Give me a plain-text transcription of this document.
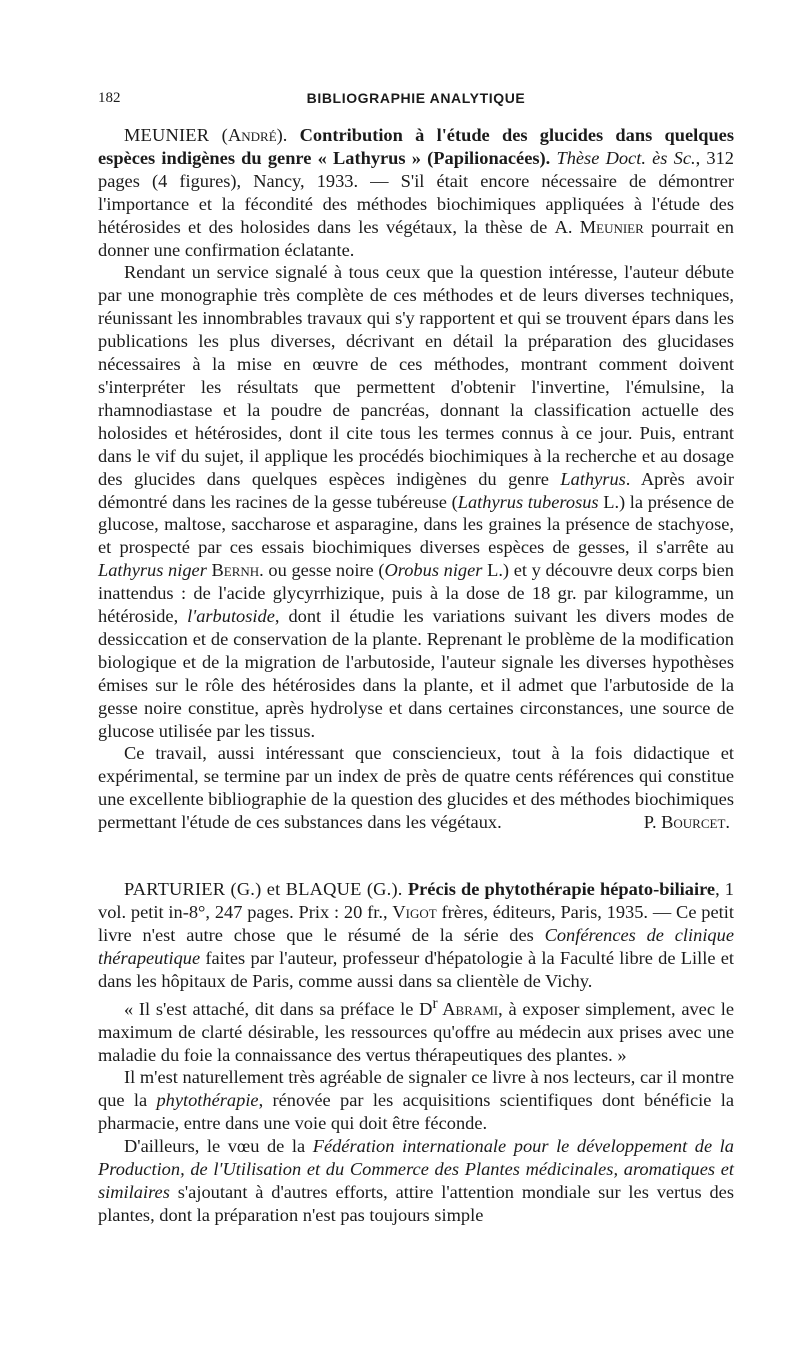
182	BIBLIOGRAPHIE ANALYTIQUE

MEUNIER (André). Contribution à l'étude des glucides dans quelques espèces indigènes du genre « Lathyrus » (Papilionacées). Thèse Doct. ès Sc., 312 pages (4 figures), Nancy, 1933. — S'il était encore nécessaire de démontrer l'importance et la fécondité des méthodes biochimiques appliquées à l'étude des hétérosides et des holosides dans les végétaux, la thèse de A. Meunier pourrait en donner une confirmation éclatante.

Rendant un service signalé à tous ceux que la question intéresse, l'auteur débute par une monographie très complète de ces méthodes et de leurs diverses techniques, réunissant les innombrables travaux qui s'y rapportent et qui se trouvent épars dans les publications les plus diverses, décrivant en détail la préparation des glucidases nécessaires à la mise en œuvre de ces méthodes, montrant comment doivent s'interpréter les résultats que permettent d'obtenir l'invertine, l'émulsine, la rhamnodiastase et la poudre de pancréas, donnant la classification actuelle des holosides et hétérosides, dont il cite tous les termes connus à ce jour. Puis, entrant dans le vif du sujet, il applique les procédés biochimiques à la recherche et au dosage des glucides dans quelques espèces indigènes du genre Lathyrus. Après avoir démontré dans les racines de la gesse tubéreuse (Lathyrus tuberosus L.) la présence de glucose, maltose, saccharose et asparagine, dans les graines la présence de stachyose, et prospecté par ces essais biochimiques diverses espèces de gesses, il s'arrête au Lathyrus niger Bernh. ou gesse noire (Orobus niger L.) et y découvre deux corps bien inattendus : de l'acide glycyrrhizique, puis à la dose de 18 gr. par kilogramme, un hétéroside, l'arbutoside, dont il étudie les variations suivant les divers modes de dessiccation et de conservation de la plante. Reprenant le problème de la modification biologique et de la migration de l'arbutoside, l'auteur signale les diverses hypothèses émises sur le rôle des hétérosides dans la plante, et il admet que l'arbutoside de la gesse noire constitue, après hydrolyse et dans certaines circonstances, une source de glucose utilisée par les tissus.

Ce travail, aussi intéressant que consciencieux, tout à la fois didactique et expérimental, se termine par un index de près de quatre cents références qui constitue une excellente bibliographie de la question des glucides et des méthodes biochimiques permettant l'étude de ces substances dans les végétaux.	P. Bourcet.

PARTURIER (G.) et BLAQUE (G.). Précis de phytothérapie hépato-biliaire, 1 vol. petit in-8°, 247 pages. Prix : 20 fr., Vigot frères, éditeurs, Paris, 1935. — Ce petit livre n'est autre chose que le résumé de la série des Conférences de clinique thérapeutique faites par l'auteur, professeur d'hépatologie à la Faculté libre de Lille et dans les hôpitaux de Paris, comme aussi dans sa clientèle de Vichy.

« Il s'est attaché, dit dans sa préface le $D^r$ Abrami, à exposer simplement, avec le maximum de clarté désirable, les ressources qu'offre au médecin aux prises avec une maladie du foie la connaissance des vertus thérapeutiques des plantes. »

Il m'est naturellement très agréable de signaler ce livre à nos lecteurs, car il montre que la phytothérapie, rénovée par les acquisitions scientifiques dont bénéficie la pharmacie, entre dans une voie qui doit être féconde.

D'ailleurs, le vœu de la Fédération internationale pour le développement de la Production, de l'Utilisation et du Commerce des Plantes médicinales, aromatiques et similaires s'ajoutant à d'autres efforts, attire l'attention mondiale sur les vertus des plantes, dont la préparation n'est pas toujours simple
